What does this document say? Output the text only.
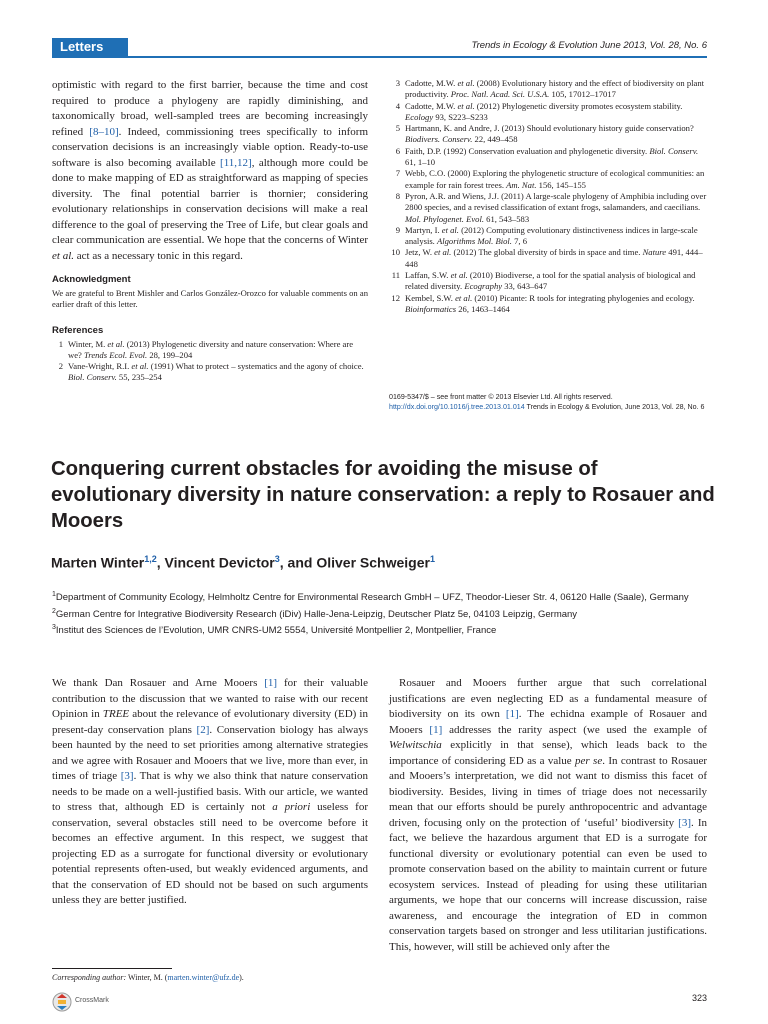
Letters	Trends in Ecology & Evolution June 2013, Vol. 28, No. 6

optimistic with regard to the first barrier, because the time and cost required to produce a phylogeny are rapidly diminishing, and taxonomically broad, well-sampled trees are becoming increasingly refined [8–10]. Indeed, commissioning trees specifically to inform conservation decisions is an increasingly viable option. Ready-to-use software is also becoming available [11,12], although more could be done to make mapping of ED as straightforward as mapping of species diversity. The final potential barrier is thornier; considering evolutionary relationships in conservation decisions will make a real difference to the goal of preserving the Tree of Life, but clear goals and clear communication are essential. We hope that the concerns of Winter et al. act as a necessary tonic in this regard.

Acknowledgment

We are grateful to Brent Mishler and Carlos González-Orozco for valuable comments on an earlier draft of this letter.

References

1 Winter, M. et al. (2013) Phylogenetic diversity and nature conservation: Where are we? Trends Ecol. Evol. 28, 199–204

2 Vane-Wright, R.I. et al. (1991) What to protect – systematics and the agony of choice. Biol. Conserv. 55, 235–254

3 Cadotte, M.W. et al. (2008) Evolutionary history and the effect of biodiversity on plant productivity. Proc. Natl. Acad. Sci. U.S.A. 105, 17012–17017

4 Cadotte, M.W. et al. (2012) Phylogenetic diversity promotes ecosystem stability. Ecology 93, S223–S233

5 Hartmann, K. and Andre, J. (2013) Should evolutionary history guide conservation? Biodivers. Conserv. 22, 449–458

6 Faith, D.P. (1992) Conservation evaluation and phylogenetic diversity. Biol. Conserv. 61, 1–10

7 Webb, C.O. (2000) Exploring the phylogenetic structure of ecological communities: an example for rain forest trees. Am. Nat. 156, 145–155

8 Pyron, A.R. and Wiens, J.J. (2011) A large-scale phylogeny of Amphibia including over 2800 species, and a revised classification of extant frogs, salamanders, and caecilians. Mol. Phylogenet. Evol. 61, 543–583

9 Martyn, I. et al. (2012) Computing evolutionary distinctiveness indices in large-scale analysis. Algorithms Mol. Biol. 7, 6

10 Jetz, W. et al. (2012) The global diversity of birds in space and time. Nature 491, 444–448

11 Laffan, S.W. et al. (2010) Biodiverse, a tool for the spatial analysis of biological and related diversity. Ecography 33, 643–647

12 Kembel, S.W. et al. (2010) Picante: R tools for integrating phylogenies and ecology. Bioinformatics 26, 1463–1464

0169-5347/$ – see front matter © 2013 Elsevier Ltd. All rights reserved.
http://dx.doi.org/10.1016/j.tree.2013.01.014 Trends in Ecology & Evolution, June 2013, Vol. 28, No. 6
Conquering current obstacles for avoiding the misuse of evolutionary diversity in nature conservation: a reply to Rosauer and Mooers
Marten Winter$^{1,2}$, Vincent Devictor$^3$, and Oliver Schweiger$^1$

$^1$Department of Community Ecology, Helmholtz Centre for Environmental Research GmbH – UFZ, Theodor-Lieser Str. 4, 06120 Halle (Saale), Germany

$^2$German Centre for Integrative Biodiversity Research (iDiv) Halle-Jena-Leipzig, Deutscher Platz 5e, 04103 Leipzig, Germany

$^3$Institut des Sciences de l’Evolution, UMR CNRS-UM2 5554, Université Montpellier 2, Montpellier, France

We thank Dan Rosauer and Arne Mooers [1] for their valuable contribution to the discussion that we wanted to raise with our recent Opinion in TREE about the relevance of evolutionary diversity (ED) in present-day conservation plans [2]. Conservation biology has always been haunted by the need to set priorities among alternative strategies and we agree with Rosauer and Mooers that we live, more than ever, in times of triage [3]. That is why we also think that nature conservation needs to be made on a well-justified basis. With our article, we wanted to stress that, although ED is certainly not a priori useless for conservation, several obstacles still need to be overcome before it becomes an effective argument. In this respect, we suggest that projecting ED as a surrogate for functional diversity or evolutionary potential represents often-used, but weakly evidenced arguments, and that the conservation of ED should not be based on such arguments unless they are better justified.

Rosauer and Mooers further argue that such correlational justifications are even neglecting ED as a fundamental measure of biodiversity on its own [1]. The echidna example of Rosauer and Mooers [1] addresses the rarity aspect (we used the example of Welwitschia explicitly in that sense), which leads back to the importance of considering ED as a value per se. In contrast to Rosauer and Mooers’s interpretation, we did not want to dismiss this facet of biodiversity. Besides, living in times of triage does not necessarily mean that our efforts should be purely anthropocentric and advantage driven, focusing only on the protection of ‘useful’ biodiversity [3]. In fact, we believe the hazardous argument that ED is a surrogate for functional diversity or evolutionary potential can even be used to promote conservation based on the ability to maintain current or future ecosystem services. Instead of pleading for using these utilitarian arguments, we hope that our concerns will increase discussion, raise awareness, and encourage the integration of ED in common conservation targets based on stronger and less utilitarian justifications. This, however, will still be achieved only after the

Corresponding author: Winter, M. (marten.winter@ufz.de).
CrossMark	323
